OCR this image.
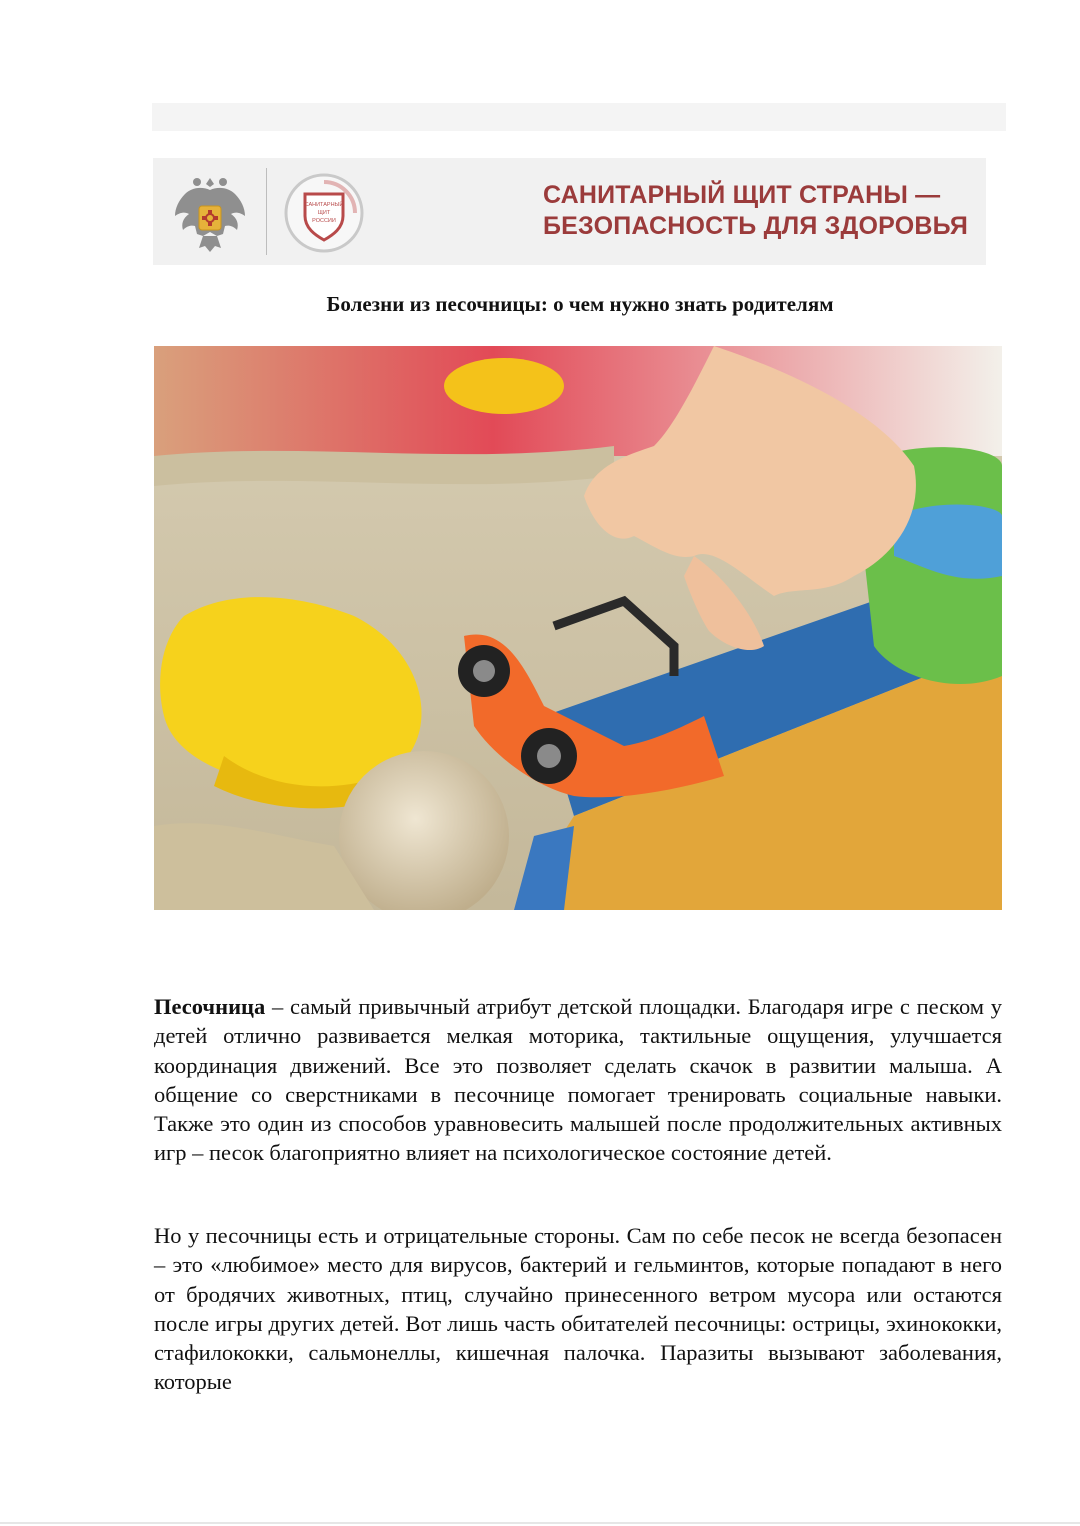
САНИТАРНЫЙ
ЩИТ
РОССИИ
САНИТАРНЫЙ ЩИТ СТРАНЫ —
БЕЗОПАСНОСТЬ ДЛЯ ЗДОРОВЬЯ
Болезни из песочницы: о чем нужно знать родителям
Песочница – самый привычный атрибут детской площадки. Благодаря игре с песком у детей отлично развивается мелкая моторика, тактильные ощущения, улучшается координация движений. Все это позволяет сделать скачок в развитии малыша. А общение со сверстниками в песочнице помогает тренировать социальные навыки. Также это один из способов уравновесить малышей после продолжительных активных игр – песок благоприятно влияет на психологическое состояние детей.
Но у песочницы есть и отрицательные стороны. Сам по себе песок не всегда безопасен – это «любимое» место для вирусов, бактерий и гельминтов, которые попадают в него от бродячих животных, птиц, случайно принесенного ветром мусора или остаются после игры других детей. Вот лишь часть обитателей песочницы: острицы, эхинококки, стафилококки, сальмонеллы, кишечная палочка. Паразиты вызывают заболевания, которые
